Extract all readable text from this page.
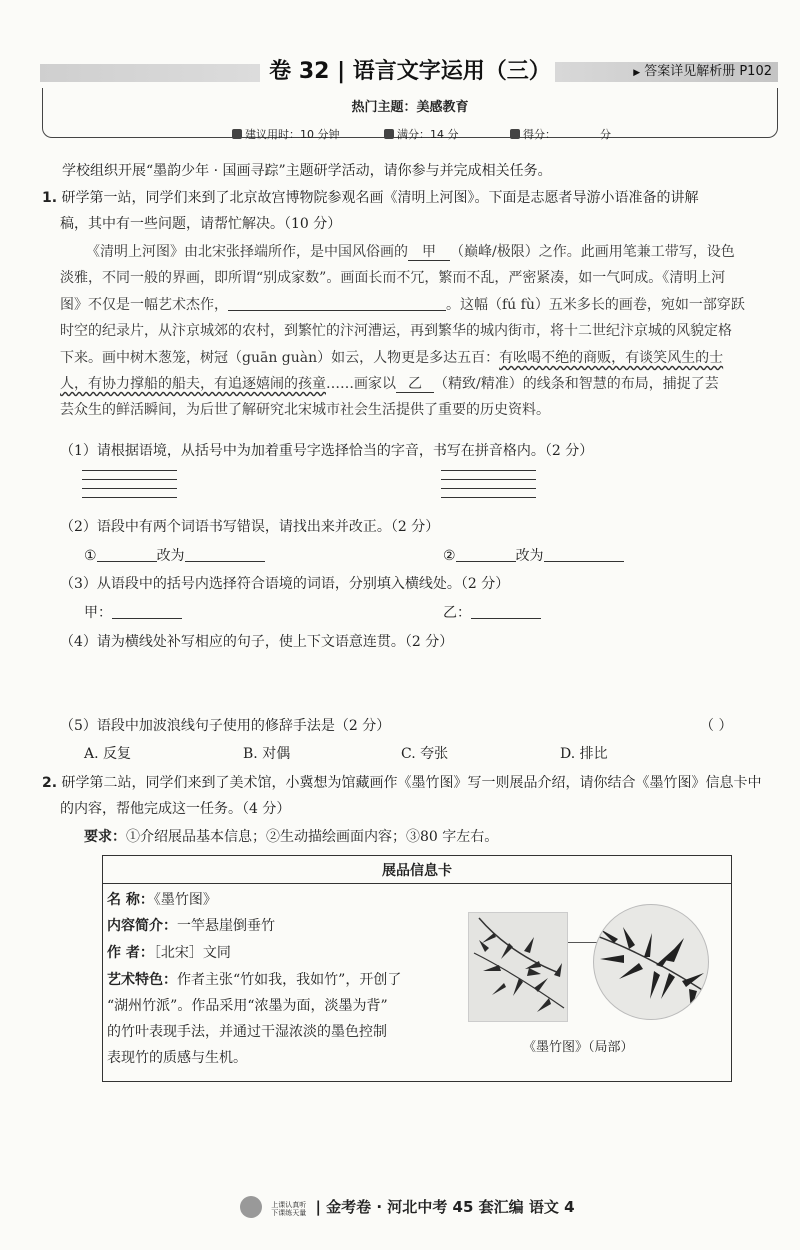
卷 32 | 语言文字运用（三）	▶ 答案详见解析册 P102
热门主题：美感教育
建议用时：10 分钟	满分：14 分	得分：	分
学校组织开展“墨韵少年 · 国画寻踪”主题研学活动，请你参与并完成相关任务。
1. 研学第一站，同学们来到了北京故宫博物院参观名画《清明上河图》。下面是志愿者导游小语准备的讲解
稿，其中有一些问题，请帮忙解决。（10 分）
《清明上河图》由北宋张择端所作，是中国风俗画的 甲 （巅峰/极限）之作。此画用笔兼工带写，设色
淡雅，不同一般的界画，即所谓“别成家数”。画面长而不冗，繁而不乱，严密紧凑，如一气呵成。《清明上河
图》不仅是一幅艺术杰作，	。这幅（fú fù）五米多长的画卷，宛如一部穿跃
时空的纪录片，从汴京城郊的农村，到繁忙的汴河漕运，再到繁华的城内街市，将十二世纪汴京城的风貌定格
下来。画中树木葱笼，树冠（guān guàn）如云，人物更是多达五百：有吆喝不绝的商贩，有谈笑风生的士
人，有协力撑船的船夫，有追逐嬉闹的孩童……画家以 乙 （精致/精准）的线条和智慧的布局，捕捉了芸
芸众生的鲜活瞬间，为后世了解研究北宋城市社会生活提供了重要的历史资料。
（1）请根据语境，从括号中为加着重号字选择恰当的字音，书写在拼音格内。（2 分）
（2）语段中有两个词语书写错误，请找出来并改正。（2 分）
①	改为	②	改为
（3）从语段中的括号内选择符合语境的词语，分别填入横线处。（2 分）
甲：	乙：
（4）请为横线处补写相应的句子，使上下文语意连贯。（2 分）
（5）语段中加波浪线句子使用的修辞手法是（2 分）	（ ）
A. 反复	B. 对偶	C. 夸张	D. 排比
2. 研学第二站，同学们来到了美术馆，小冀想为馆藏画作《墨竹图》写一则展品介绍，请你结合《墨竹图》信息卡中
的内容，帮他完成这一任务。（4 分）
要求：①介绍展品基本信息；②生动描绘画面内容；③80 字左右。
展品信息卡
名 称：《墨竹图》
内容简介：一竿悬崖倒垂竹
作 者：［北宋］文同
艺术特色：作者主张“竹如我，我如竹”，开创了
“湖州竹派”。作品采用“浓墨为面，淡墨为背”
的竹叶表现手法，并通过干湿浓淡的墨色控制
表现竹的质感与生机。
《墨竹图》（局部）
上课认真听
下课练天量 | 金考卷 · 河北中考 45 套汇编 语文 4
